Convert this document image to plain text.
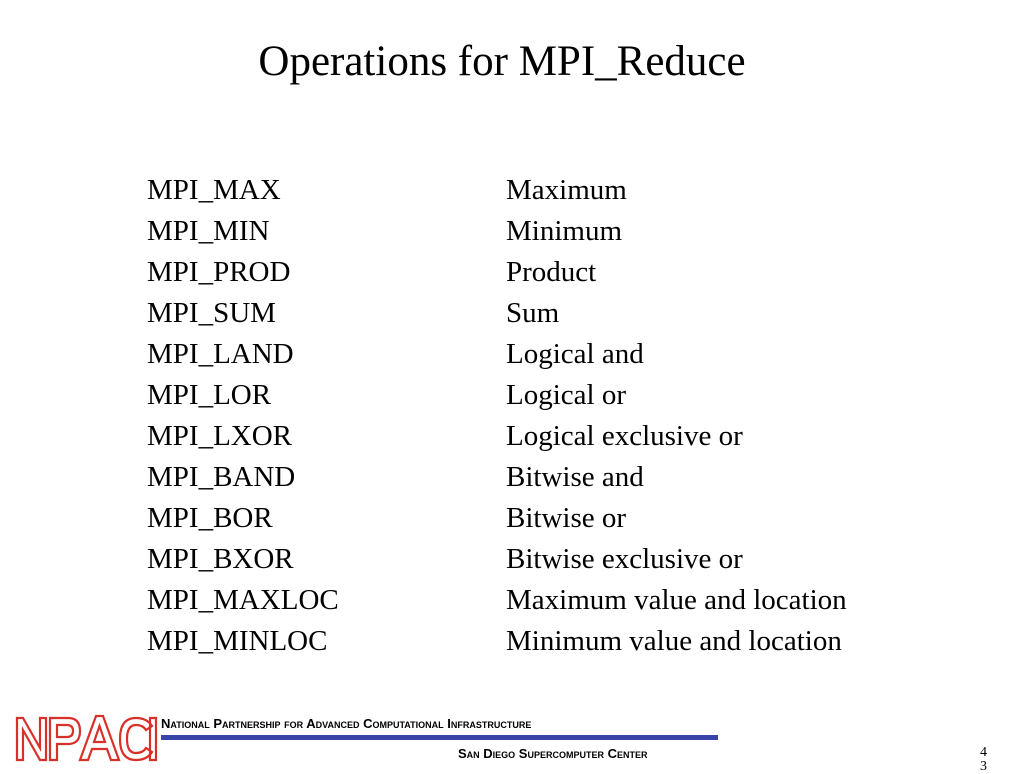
Operations for MPI_Reduce
MPI_MAX	Maximum
MPI_MIN	Minimum
MPI_PROD	Product
MPI_SUM	Sum
MPI_LAND	Logical and
MPI_LOR	Logical or
MPI_LXOR	Logical exclusive or
MPI_BAND	Bitwise and
MPI_BOR	Bitwise or
MPI_BXOR	Bitwise exclusive or
MPI_MAXLOC	Maximum value and location
MPI_MINLOC	Minimum value and location
NPACI
National Partnership for Advanced Computational Infrastructure
San Diego Supercomputer Center	43
